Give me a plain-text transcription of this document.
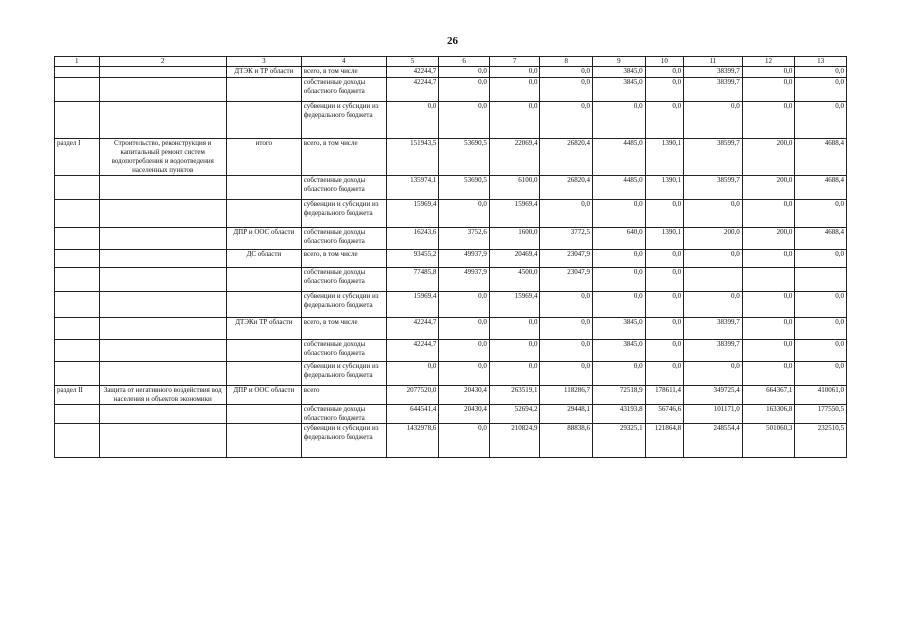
26
1	2	3	4	5	6	7	8	9	10	11	12	13
		ДТЭК и ТР области	всего, в том числе	42244,7	0,0	0,0	0,0	3845,0	0,0	38399,7	0,0	0,0
			собственные доходы областного бюджета	42244,7	0,0	0,0	0,0	3845,0	0,0	38399,7	0,0	0,0
			субвенции и субсидии из федерального бюджета	0,0	0,0	0,0	0,0	0,0	0,0	0,0	0,0	0,0
раздел I	Строительство, реконструкция и капитальный ремонт систем водопотребления и водоотведения населенных пунктов	итого	всего, в том числе	151943,5	53690,5	22069,4	26820,4	4485,0	1390,1	38599,7	200,0	4688,4
			собственные доходы областного бюджета	135974,1	53690,5	6100,0	26820,4	4485,0	1390,1	38599,7	200,0	4688,4
			субвенции и субсидии из федерального бюджета	15969,4	0,0	15969,4	0,0	0,0	0,0	0,0	0,0	0,0
		ДПР и ООС области	собственные доходы областного бюджета	16243,6	3752,6	1600,0	3772,5	640,0	1390,1	200,0	200,0	4688,4
		ДС области	всего, в том числе	93455,2	49937,9	20469,4	23047,9	0,0	0,0	0,0	0,0	0,0
			собственные доходы областного бюджета	77485,8	49937,9	4500,0	23047,9	0,0	0,0			
			субвенции и субсидии из федерального бюджета	15969,4	0,0	15969,4	0,0	0,0	0,0	0,0	0,0	0,0
		ДТЭКи ТР области	всего, в том числе	42244,7	0,0	0,0	0,0	3845,0	0,0	38399,7	0,0	0,0
			собственные доходы областного бюджета	42244,7	0,0	0,0	0,0	3845,0	0,0	38399,7	0,0	0,0
			субвенции и субсидии из федерального бюджета	0,0	0,0	0,0	0,0	0,0	0,0	0,0	0,0	0,0
раздел II	Защита от негативного воздействия вод населения и объектов экономики	ДПР и ООС области	всего	2077520,0	20430,4	263519,1	118286,7	72518,9	178611,4	349725,4	664367,1	410061,0
			собственные доходы областного бюджета	644541,4	20430,4	52694,2	29448,1	43193,8	56746,6	101171,0	163306,8	177550,5
			субвенции и субсидии из федерального бюджета	1432978,6	0,0	210824,9	88838,6	29325,1	121864,8	248554,4	501060,3	232510,5
